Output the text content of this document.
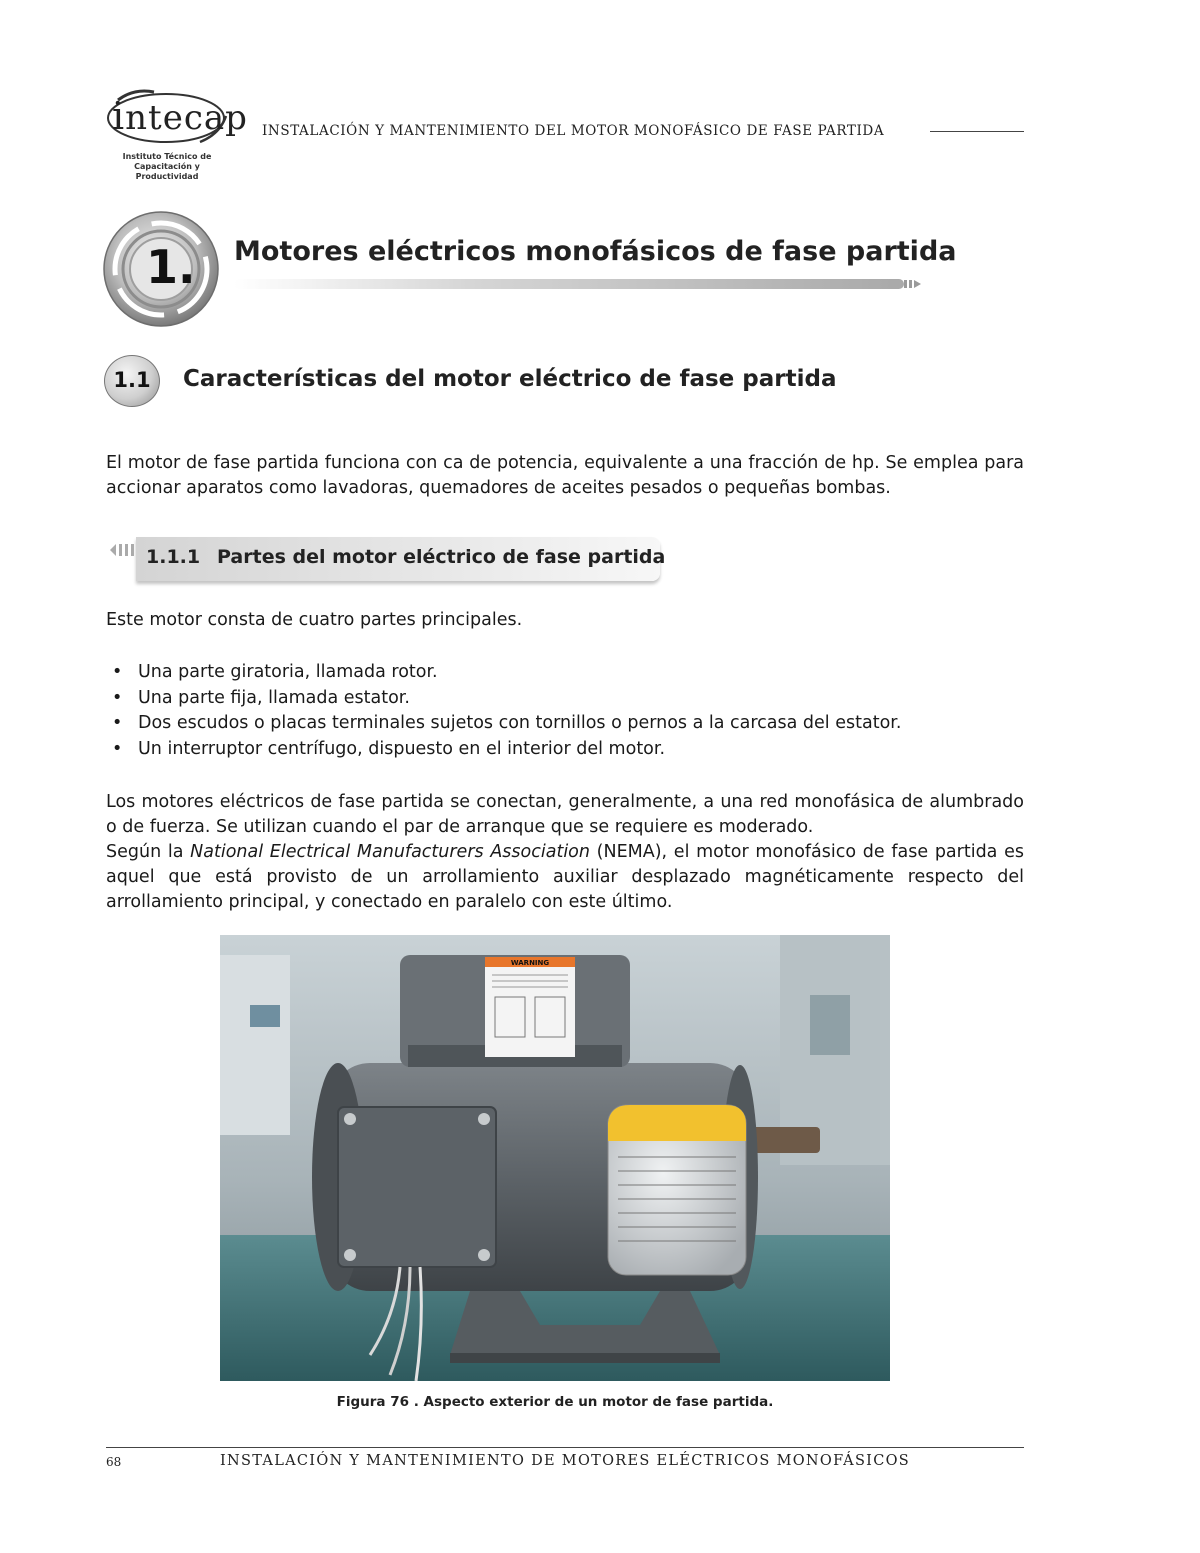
intecap
Instituto Técnico de
Capacitación y Productividad
INSTALACIÓN Y MANTENIMIENTO DEL MOTOR MONOFÁSICO DE FASE PARTIDA
1. Motores eléctricos monofásicos de fase partida
1.1 Características del motor eléctrico de fase partida

El motor de fase partida funciona con ca de potencia, equivalente a una fracción de hp. Se emplea para accionar aparatos como lavadoras, quemadores de aceites pesados o pequeñas bombas.

1.1.1 Partes del motor eléctrico de fase partida

Este motor consta de cuatro partes principales.

• Una parte giratoria, llamada rotor.
• Una parte fija, llamada estator.
• Dos escudos o placas terminales sujetos con tornillos o pernos a la carcasa del estator.
• Un interruptor centrífugo, dispuesto en el interior del motor.

Los motores eléctricos de fase partida se conectan, generalmente, a una red monofásica de alumbrado o de fuerza. Se utilizan cuando el par de arranque que se requiere es moderado.

Según la National Electrical Manufacturers Association (NEMA), el motor monofásico de fase partida es aquel que está provisto de un arrollamiento auxiliar desplazado magnéticamente respecto del arrollamiento principal, y conectado en paralelo con este último.

WARNING
Figura 76 . Aspecto exterior de un motor de fase partida.
68	INSTALACIÓN Y MANTENIMIENTO DE MOTORES ELÉCTRICOS MONOFÁSICOS
